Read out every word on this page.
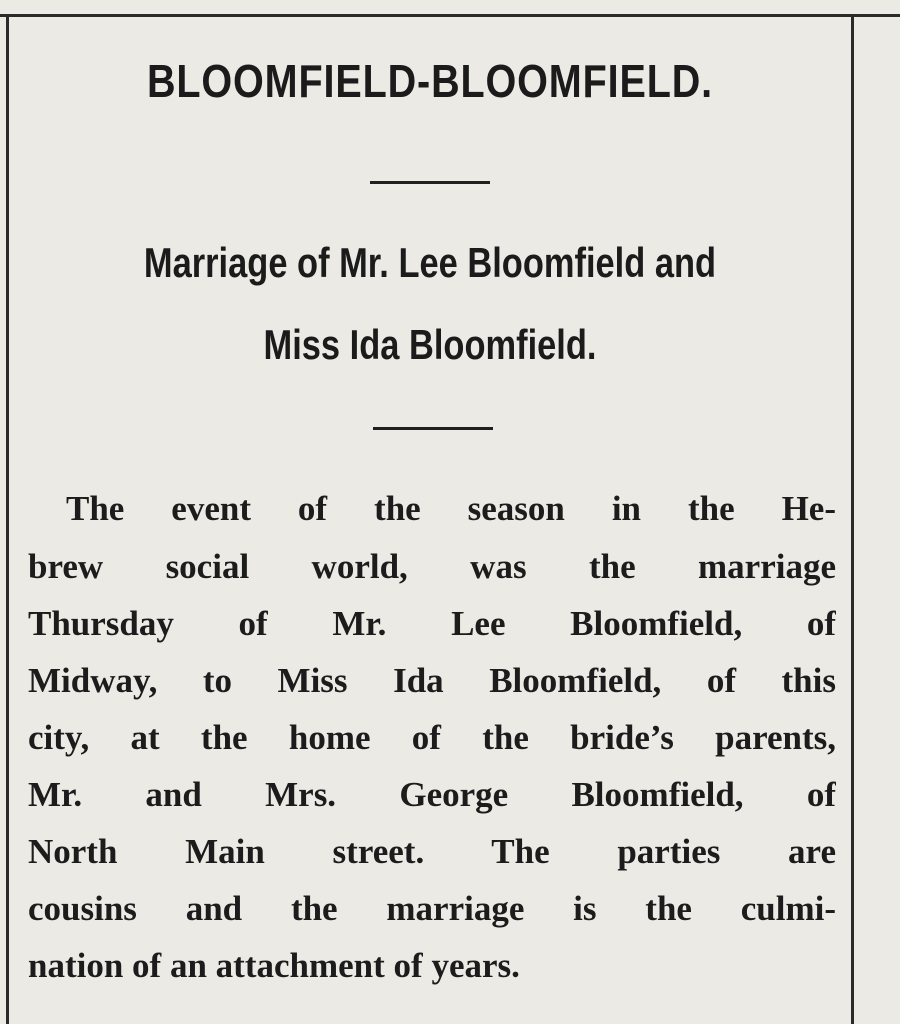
BLOOMFIELD-BLOOMFIELD.
Marriage of Mr. Lee Bloomfield and
Miss Ida Bloomfield.
The event of the season in the He-
brew social world, was the marriage
Thursday of Mr. Lee Bloomfield, of
Midway, to Miss Ida Bloomfield, of this
city, at the home of the bride’s parents,
Mr. and Mrs. George Bloomfield, of
North Main street. The parties are
cousins and the marriage is the culmi-
nation of an attachment of years.
